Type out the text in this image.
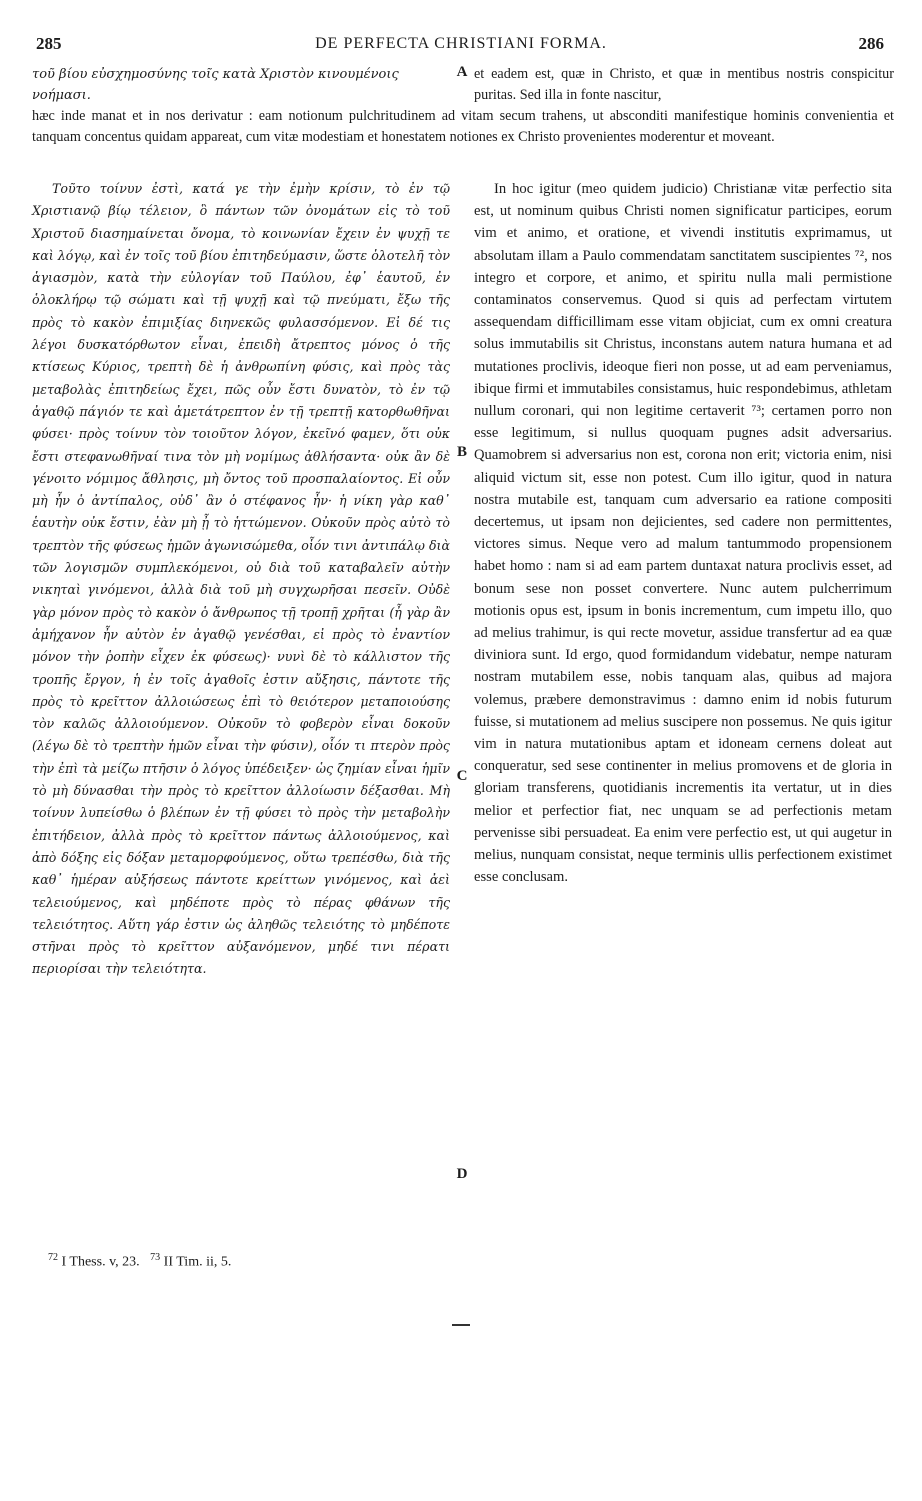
285	DE PERFECTA CHRISTIANI FORMA.	286
τοῦ βίου εὐσχημοσύνης τοῖς κατὰ Χριστὸν κινουμένοις νοήμασι.
et eadem est, quæ in Christo, et quæ in mentibus nostris conspicitur puritas. Sed illa in fonte nascitur,
hæc inde manat et in nos derivatur : eam notionum pulchritudinem ad vitam secum trahens, ut absconditi manifestique hominis convenientia et tanquam concentus quidam appareat, cum vitæ modestiam et honestatem notiones ex Christo provenientes moderentur et moveant.
A
B
C
D

Τοῦτο τοίνυν ἐστὶ, κατά γε τὴν ἐμὴν κρίσιν, τὸ ἐν τῷ Χριστιανῷ βίῳ τέλειον, ὃ πάντων τῶν ὀνομάτων εἰς τὸ τοῦ Χριστοῦ διασημαίνεται ὄνομα, τὸ κοινωνίαν ἔχειν ἐν ψυχῇ τε καὶ λόγῳ, καὶ ἐν τοῖς τοῦ βίου ἐπιτηδεύμασιν, ὥστε ὁλοτελῆ τὸν ἁγιασμὸν, κατὰ τὴν εὐλογίαν τοῦ Παύλου, ἐφ᾽ ἑαυτοῦ, ἐν ὁλοκλήρῳ τῷ σώματι καὶ τῇ ψυχῇ καὶ τῷ πνεύματι, ἔξω τῆς πρὸς τὸ κακὸν ἐπιμιξίας διηνεκῶς φυλασσόμενον. Εἰ δέ τις λέγοι δυσκατόρθωτον εἶναι, ἐπειδὴ ἄτρεπτος μόνος ὁ τῆς κτίσεως Κύριος, τρεπτὴ δὲ ἡ ἀνθρωπίνη φύσις, καὶ πρὸς τὰς μεταβολὰς ἐπιτηδείως ἔχει, πῶς οὖν ἔστι δυνατὸν, τὸ ἐν τῷ ἀγαθῷ πάγιόν τε καὶ ἀμετάτρεπτον ἐν τῇ τρεπτῇ κατορθωθῆναι φύσει· πρὸς τοίνυν τὸν τοιοῦτον λόγον, ἐκεῖνό φαμεν, ὅτι οὐκ ἔστι στεφανωθῆναί τινα τὸν μὴ νομίμως ἀθλήσαντα· οὐκ ἂν δὲ γένοιτο νόμιμος ἄθλησις, μὴ ὄντος τοῦ προσπαλαίοντος. Εἰ οὖν μὴ ἦν ὁ ἀντίπαλος, οὐδ᾽ ἂν ὁ στέφανος ἦν· ἡ νίκη γὰρ καθ᾽ ἑαυτὴν οὐκ ἔστιν, ἐὰν μὴ ᾖ τὸ ἡττώμενον. Οὐκοῦν πρὸς αὐτὸ τὸ τρεπτὸν τῆς φύσεως ἡμῶν ἀγωνισώμεθα, οἷόν τινι ἀντιπάλῳ διὰ τῶν λογισμῶν συμπλεκόμενοι, οὐ διὰ τοῦ καταβαλεῖν αὐτὴν νικηταὶ γινόμενοι, ἀλλὰ διὰ τοῦ μὴ συγχωρῆσαι πεσεῖν. Οὐδὲ γὰρ μόνον πρὸς τὸ κακὸν ὁ ἄνθρωπος τῇ τροπῇ χρῆται (ἦ γὰρ ἂν ἀμήχανον ἦν αὐτὸν ἐν ἀγαθῷ γενέσθαι, εἰ πρὸς τὸ ἐναντίον μόνον τὴν ῥοπὴν εἶχεν ἐκ φύσεως)· νυνὶ δὲ τὸ κάλλιστον τῆς τροπῆς ἔργον, ἡ ἐν τοῖς ἀγαθοῖς ἐστιν αὔξησις, πάντοτε τῆς πρὸς τὸ κρεῖττον ἀλλοιώσεως ἐπὶ τὸ θειότερον μεταποιούσης τὸν καλῶς ἀλλοιούμενον. Οὐκοῦν τὸ φοβερὸν εἶναι δοκοῦν (λέγω δὲ τὸ τρεπτὴν ἡμῶν εἶναι τὴν φύσιν), οἷόν τι πτερὸν πρὸς τὴν ἐπὶ τὰ μείζω πτῆσιν ὁ λόγος ὑπέδειξεν· ὡς ζημίαν εἶναι ἡμῖν τὸ μὴ δύνασθαι τὴν πρὸς τὸ κρεῖττον ἀλλοίωσιν δέξασθαι. Μὴ τοίνυν λυπείσθω ὁ βλέπων ἐν τῇ φύσει τὸ πρὸς τὴν μεταβολὴν ἐπιτήδειον, ἀλλὰ πρὸς τὸ κρεῖττον πάντως ἀλλοιούμενος, καὶ ἀπὸ δόξης εἰς δόξαν μεταμορφούμενος, οὕτω τρεπέσθω, διὰ τῆς καθ᾽ ἡμέραν αὐξήσεως πάντοτε κρείττων γινόμενος, καὶ ἀεὶ τελειούμενος, καὶ μηδέποτε πρὸς τὸ πέρας φθάνων τῆς τελειότητος. Αὕτη γάρ ἐστιν ὡς ἀληθῶς τελειότης τὸ μηδέποτε στῆναι πρὸς τὸ κρεῖττον αὐξανόμενον, μηδέ τινι πέρατι περιορίσαι τὴν τελειότητα.

In hoc igitur (meo quidem judicio) Christianæ vitæ perfectio sita est, ut nominum quibus Christi nomen significatur participes, eorum vim et animo, et oratione, et vivendi institutis exprimamus, ut absolutam illam a Paulo commendatam sanctitatem suscipientes ⁷², nos integro et corpore, et animo, et spiritu nulla mali permistione contaminatos conservemus. Quod si quis ad perfectam virtutem assequendam difficillimam esse vitam objiciat, cum ex omni creatura solus immutabilis sit Christus, inconstans autem natura humana et ad mutationes proclivis, ideoque fieri non posse, ut ad eam perveniamus, ibique firmi et immutabiles consistamus, huic respondebimus, athletam nullum coronari, qui non legitime certaverit ⁷³; certamen porro non esse legitimum, si nullus quoquam pugnes adsit adversarius. Quamobrem si adversarius non est, corona non erit; victoria enim, nisi aliquid victum sit, esse non potest. Cum illo igitur, quod in natura nostra mutabile est, tanquam cum adversario ea ratione compositi decertemus, ut ipsam non dejicientes, sed cadere non permittentes, victores simus. Neque vero ad malum tantummodo propensionem habet homo : nam si ad eam partem duntaxat natura proclivis esset, ad bonum sese non posset convertere. Nunc autem pulcherrimum motionis opus est, ipsum in bonis incrementum, cum impetu illo, quo ad melius trahimur, is qui recte movetur, assidue transfertur ad ea quæ diviniora sunt. Id ergo, quod formidandum videbatur, nempe naturam nostram mutabilem esse, nobis tanquam alas, quibus ad majora volemus, præbere demonstravimus : damno enim id nobis futurum fuisse, si mutationem ad melius suscipere non possemus. Ne quis igitur vim in natura mutationibus aptam et idoneam cernens doleat aut conqueratur, sed sese continenter in melius promovens et de gloria in gloriam transferens, quotidianis incrementis ita vertatur, ut in dies melior et perfectior fiat, nec unquam se ad perfectionis metam pervenisse sibi persuadeat. Ea enim vere perfectio est, ut qui augetur in melius, nunquam consistat, neque terminis ullis perfectionem existimet esse conclusam.

$^{72}$ I Thess. v, 23. $^{73}$ II Tim. ii, 5.
